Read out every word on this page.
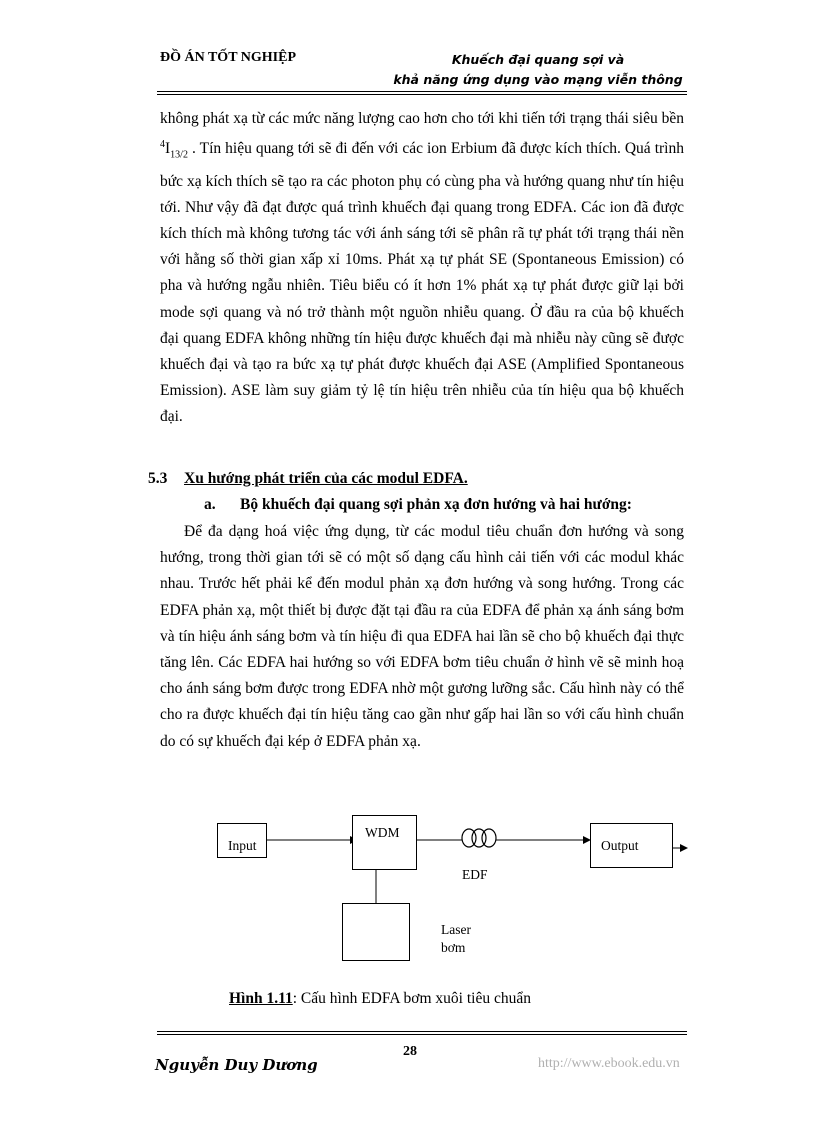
ĐỒ ÁN TỐT NGHIỆP	Khuếch đại quang sợi và
khả năng ứng dụng vào mạng viễn thông

không phát xạ từ các mức năng lượng cao hơn cho tới khi tiến tới trạng thái siêu bền $^4I_{13/2}$ . Tín hiệu quang tới sẽ đi đến với các ion Erbium đã được kích thích. Quá trình bức xạ kích thích sẽ tạo ra các photon phụ có cùng pha và hướng quang như tín hiệu tới. Như vậy đã đạt được quá trình khuếch đại quang trong EDFA. Các ion đã được kích thích mà không tương tác với ánh sáng tới sẽ phân rã tự phát tới trạng thái nền với hằng số thời gian xấp xỉ 10ms. Phát xạ tự phát SE (Spontaneous Emission) có pha và hướng ngẫu nhiên. Tiêu biểu có ít hơn 1% phát xạ tự phát được giữ lại bởi mode sợi quang và nó trở thành một nguồn nhiễu quang. Ở đầu ra của bộ khuếch đại quang EDFA không những tín hiệu được khuếch đại mà nhiễu này cũng sẽ được khuếch đại và tạo ra bức xạ tự phát được khuếch đại ASE (Amplified Spontaneous Emission). ASE làm suy giảm tỷ lệ tín hiệu trên nhiễu của tín hiệu qua bộ khuếch đại.

5.3 Xu hướng phát triển của các modul EDFA.
a. Bộ khuếch đại quang sợi phản xạ đơn hướng và hai hướng:

Để đa dạng hoá việc ứng dụng, từ các modul tiêu chuẩn đơn hướng và song hướng, trong thời gian tới sẽ có một số dạng cấu hình cải tiến với các modul khác nhau. Trước hết phải kể đến modul phản xạ đơn hướng và song hướng. Trong các EDFA phản xạ, một thiết bị được đặt tại đầu ra của EDFA để phản xạ ánh sáng bơm và tín hiệu ánh sáng bơm và tín hiệu đi qua EDFA hai lần sẽ cho bộ khuếch đại thực tăng lên. Các EDFA hai hướng so với EDFA bơm tiêu chuẩn ở hình vẽ sẽ minh hoạ cho ánh sáng bơm được trong EDFA nhờ một gương lưỡng sắc. Cấu hình này có thể cho ra được khuếch đại tín hiệu tăng cao gần như gấp hai lần so với cấu hình chuẩn do có sự khuếch đại kép ở EDFA phản xạ.

Input
WDM
EDF
Output
Laser
bơm
Hình 1.11: Cấu hình EDFA bơm xuôi tiêu chuẩn
Nguyễn Duy Dương
28
http://www.ebook.edu.vn
